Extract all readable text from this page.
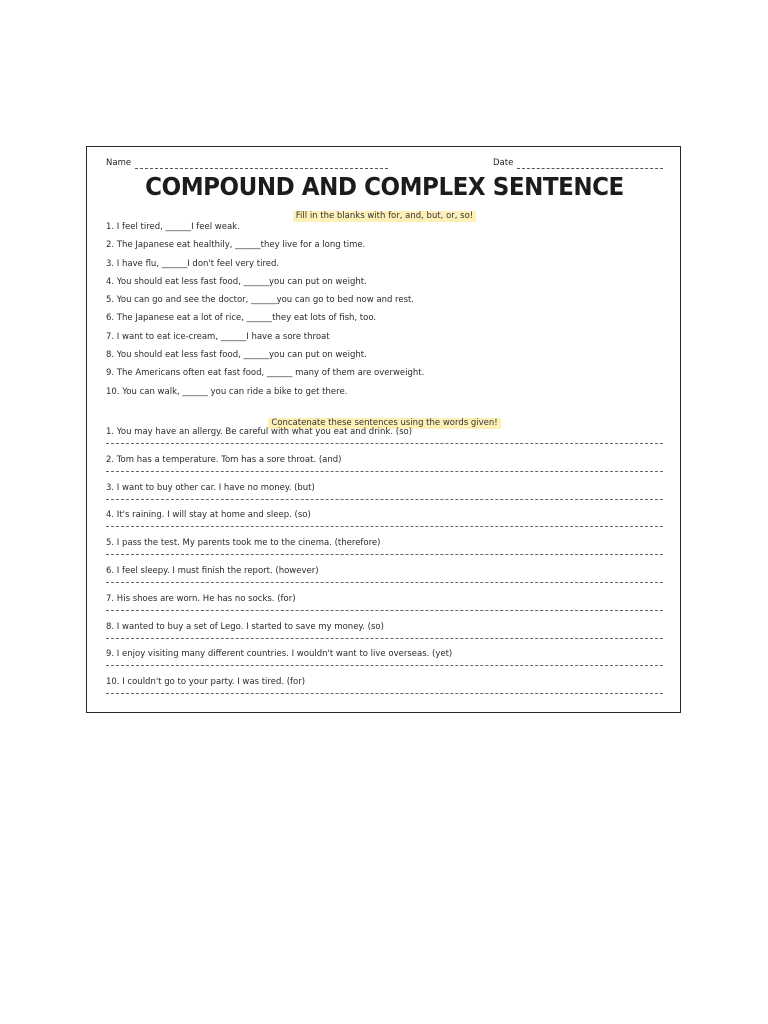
Name	Date
COMPOUND AND COMPLEX SENTENCE
Fill in the blanks with for, and, but, or, so!
1. I feel tired, ______I feel weak.
2. The Japanese eat healthily, ______they live for a long time.
3. I have flu, ______I don't feel very tired.
4. You should eat less fast food, ______you can put on weight.
5. You can go and see the doctor, ______you can go to bed now and rest.
6. The Japanese eat a lot of rice, ______they eat lots of fish, too.
7. I want to eat ice-cream, ______I have a sore throat
8. You should eat less fast food, ______you can put on weight.
9. The Americans often eat fast food, ______ many of them are overweight.
10. You can walk, ______ you can ride a bike to get there.
Concatenate these sentences using the words given!
1. You may have an allergy. Be careful with what you eat and drink. (so)
2. Tom has a temperature. Tom has a sore throat. (and)
3. I want to buy other car. I have no money. (but)
4. It's raining. I will stay at home and sleep. (so)
5. I pass the test. My parents took me to the cinema. (therefore)
6. I feel sleepy. I must finish the report. (however)
7. His shoes are worn. He has no socks. (for)
8. I wanted to buy a set of Lego. I started to save my money. (so)
9. I enjoy visiting many different countries. I wouldn't want to live overseas. (yet)
10. I couldn't go to your party. I was tired. (for)
